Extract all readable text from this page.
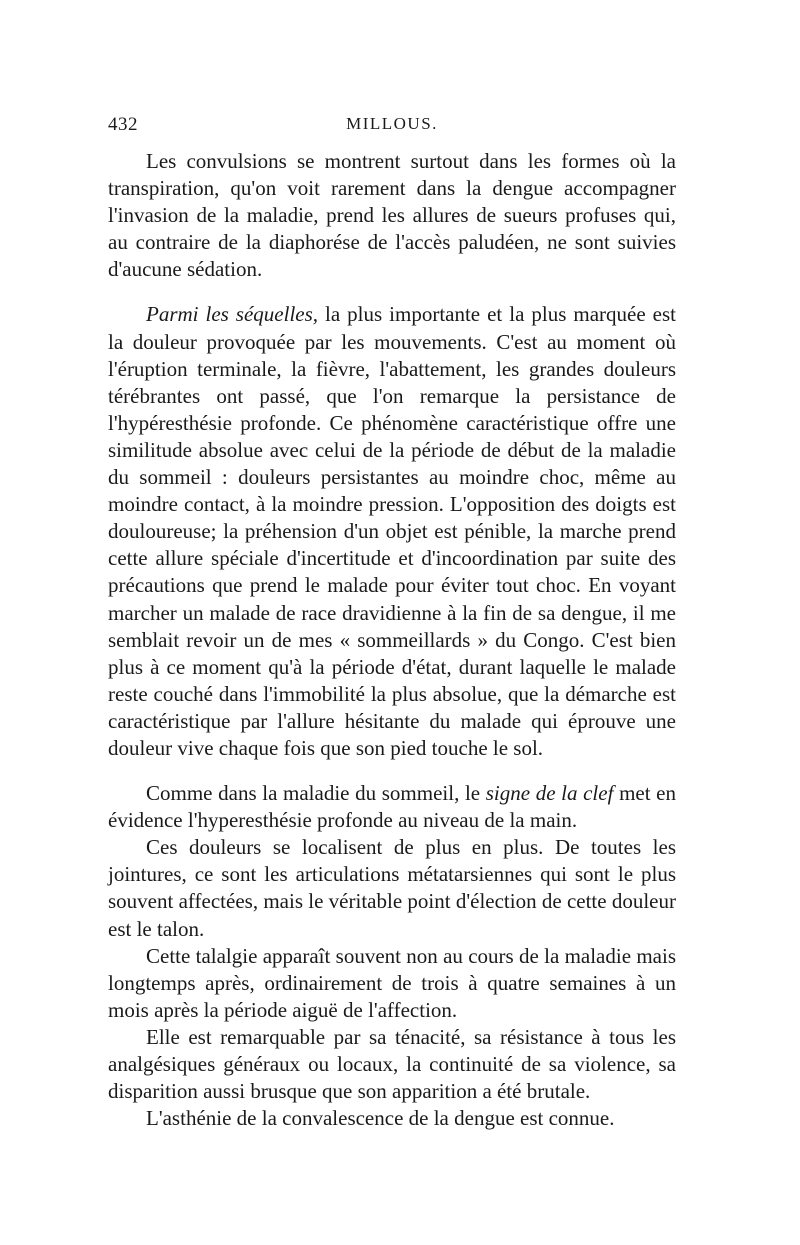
432	MILLOUS.

Les convulsions se montrent surtout dans les formes où la transpiration, qu'on voit rarement dans la dengue accompagner l'invasion de la maladie, prend les allures de sueurs profuses qui, au contraire de la diaphorése de l'accès paludéen, ne sont suivies d'aucune sédation.

Parmi les séquelles, la plus importante et la plus marquée est la douleur provoquée par les mouvements. C'est au moment où l'éruption terminale, la fièvre, l'abattement, les grandes douleurs térébrantes ont passé, que l'on remarque la persistance de l'hypéresthésie profonde. Ce phénomène caractéristique offre une similitude absolue avec celui de la période de début de la maladie du sommeil : douleurs persistantes au moindre choc, même au moindre contact, à la moindre pression. L'opposition des doigts est douloureuse; la préhension d'un objet est pénible, la marche prend cette allure spéciale d'incertitude et d'incoordination par suite des précautions que prend le malade pour éviter tout choc. En voyant marcher un malade de race dravidienne à la fin de sa dengue, il me semblait revoir un de mes « sommeillards » du Congo. C'est bien plus à ce moment qu'à la période d'état, durant laquelle le malade reste couché dans l'immobilité la plus absolue, que la démarche est caractéristique par l'allure hésitante du malade qui éprouve une douleur vive chaque fois que son pied touche le sol.

Comme dans la maladie du sommeil, le signe de la clef met en évidence l'hyperesthésie profonde au niveau de la main.

Ces douleurs se localisent de plus en plus. De toutes les jointures, ce sont les articulations métatarsiennes qui sont le plus souvent affectées, mais le véritable point d'élection de cette douleur est le talon.

Cette talalgie apparaît souvent non au cours de la maladie mais longtemps après, ordinairement de trois à quatre semaines à un mois après la période aiguë de l'affection.

Elle est remarquable par sa ténacité, sa résistance à tous les analgésiques généraux ou locaux, la continuité de sa violence, sa disparition aussi brusque que son apparition a été brutale.

L'asthénie de la convalescence de la dengue est connue.
